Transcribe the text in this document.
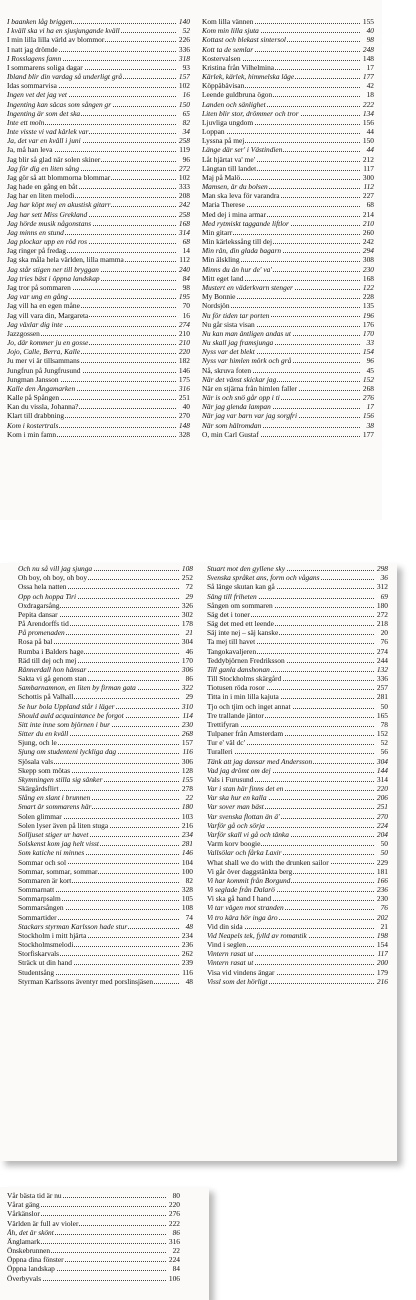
I baanken låg briggen	140
I kväll ska vi ha en sjusjungande kväll	52
I min lilla lilla värld av blommor	226
I natt jag drömde	336
I Rosslagens famn	318
I sommarens soliga dagar	93
Ibland blir din vardag så underligt grå	157
Idas sommarvisa	102
Ingen vet det jag vet	16
Ingenting kan säcas som sången gr	150
Ingenting är som det ska	65
Inte ett moln	82
Inte visste vi vad kärlek var	34
Ja, det var en kväll i juni	258
Ja, må han leva	119
Jag blir så glad när solen skiner	96
Jag för dig en liten sång	272
Jag gör så att blommorna blommar	102
Jag hade en gång en båt	333
Jag har en liten melodi	208
Jag har köpt mej en akustisk gitarr	242
Jag har sett Miss Grekland	258
Jag hörde musik någonstans	168
Jag minns en stund	314
Jag plockar upp en röd ros	68
Jag ringer på fredag	14
Jag ska måla hela världen, lilla mamma	112
Jag står stigen ner till bryggan	240
Jag tries bäst i öppna landskap	84
Jag tror på sommaren	98
Jag var ung en gång	195
Jag vill ha en egen måne	70
Jag vill vara din, Margareta	16
Jag växlar dig inte	274
Jazzgossen	210
Jo, där kommer ju en gosse	210
Jojo, Calle, Berra, Kalle	220
Ju mer vi är tillsammans	182
Jungfrun på Jungfrusund	146
Jungman Jansson	175
Kalle den Ängamarken	316
Kalle på Spången	251
Kan du vissla, Johanna?	40
Klart till drabbning	270
Kom i kostertrals	148
Kom i min famn	328
Kom lilla vännen	155
Kom min lilla sjuta	40
Kottast och blekast sintersol	98
Kott ta de semlar	248
Kostervalsen	148
Kristina från Vilhelmina	17
Kärlek, kärlek, himmelska läge	177
Köppäbävisan	42
Leende guldbruna ögon	18
Landen och sänlighet	222
Liten blir stor, drömmer och tror	134
Ljuvliga ungdom	156
Loppan	44
Lyssna på mej	150
Länge där ser' i Västindien	44
Låt hjärtat va' me'	212
Längtan till landet	117
Maj på Malö	300
Mamsen, är du bolsen	112
Man ska leva för varandra	227
Maria Therese	68
Med dej i mina armar	214
Med rytmiskt taggande liftlor	210
Min gitarr	260
Min kärlekssång till dej	242
Min rän, din glada bagarn	294
Min älskling	308
Minns du än hur de' va'	230
Mitt eget land	168
Mustert en väderkvarn stenger	122
My Bonnie	228
Nordsjön	135
Nu för tiden tar porten	196
Nu går sista visan	176
Nu kan man äntligen andas ut	170
Nu skall jag framsjunga	33
Nyss var det blekt	154
Nyss var himlen mörk och grå	96
Nå, skruva foten	45
När det vänst skickar jag	152
När en stjärna från himlen faller	268
När is och snö går opp i ti	276
När jag glenda lampan	17
När jag var barn var jag sorgfri	156
När som hälromdan	38
O, min Carl Gustaf	177
Och nu så vill jag sjunga	108
Oh boy, oh boy, oh boy	252
Ossa hela natten	72
Opp och hoppa Tiri	29
Oxdragarsång	326
Pepita dansar	302
På Arendorffs tid	178
På promenaden	21
Rosa på bal	304
Rumba i Balders hage	46
Räd till dej och mej	170
Rännerdall hon hänsar	306
Sakta vi gå genom stan	86
Sambarnamnon, en liten by firman gata	322
Schottis på Valhall	29
Se hur bola Uppland står i läger	310
Should auld acquaintance be forgot	114
Sitt inte inne som björnen i bur	230
Sitter du en kväll	268
Sjung, och le	157
Sjung om studenteni lyckliga dag	116
Sjösala vals	306
Skepp som mötas	128
Skymningen stilla sig sänker	155
Skärgårdsflirt	278
Slång en slant i brunnen	22
Smart är sommarens här	180
Solen glimmar	103
Solen lyser även på liten stuga	216
Solljuset stiger ur havet	234
Solskenst kom jag helt visst	281
Som katiche ni minnes	146
Sommar och sol	104
Sommar, sommar, sommar	100
Sommaren är kort	82
Sommarnatt	328
Sommarpsalm	105
Sommarsången	108
Sommartider	74
Stackars styrman Karlsson hade stur	48
Stockholm i mitt hjärta	234
Stockholmsmelodi	236
Storfiskarvals	262
Sträck ut din hand	239
Studentsång	116
Styrman Karlssons äventyr med porslinsjäsen	48
Stuart mot den gyllene sky	298
Svenska språket ans, form och vågans	36
Så länge skutan kan gå	312
Säng till friheten	69
Sången om sommaren	180
Säg det i toner	272
Säg det med ett leende	218
Säj inte nej – säj kanske	20
Ta mej till havet	76
Tangokavaljeren	274
Teddybjörnen Fredriksson	244
Till ganla danshonan	132
Till Stockholms skärgård	336
Tiotusen röda rosor	257
Titta in i min lilla kajuta	281
Tjo och tjim och inget annat	50
Tre trallande jäntor	165
Trettifyran	78
Tulpaner från Amsterdam	152
Tur e' väl dc'	52
Turalleri	56
Tänk att jag dansar med Andersson	304
Vad jag drömt om dej	144
Vals i Furusund	314
Var i stan här finns det en	220
Var ska hur en kalla	206
Var sover man bäst	251
Var svenska flottan än ä'	270
Varför gå och sörja	224
Varför skall vi gå och tänka	204
Varm korv boogie	50
Vallsölar och fårka Laxir	50
What shall we do with the drunken sailor	229
Vi går över daggstänkta berg	181
Vi har kommit från Borgund	166
Vi seglade från Dalarö	236
Vi ska gå hand I hand	230
Vi tar vägen mot stranden	76
Vi tro kära hör inga äro	202
Vid din sida	21
Vid Neapels tek, fylld av romantik	198
Vind i seglen	154
Vintern rasat ut	117
Vintern rasat ut	200
Visa vid vindens ängar	179
Vissl som det hörligt	216
Vår bästa tid är nu	80
Vårat gäng	220
Vårkänslor	276
Världen är full av violer	222
Åh, det är skönt	86
Änglamark	316
Önskebrunnen	22
Öppna dina fönster	224
Öppna landskap	84
Överbyvals	106
